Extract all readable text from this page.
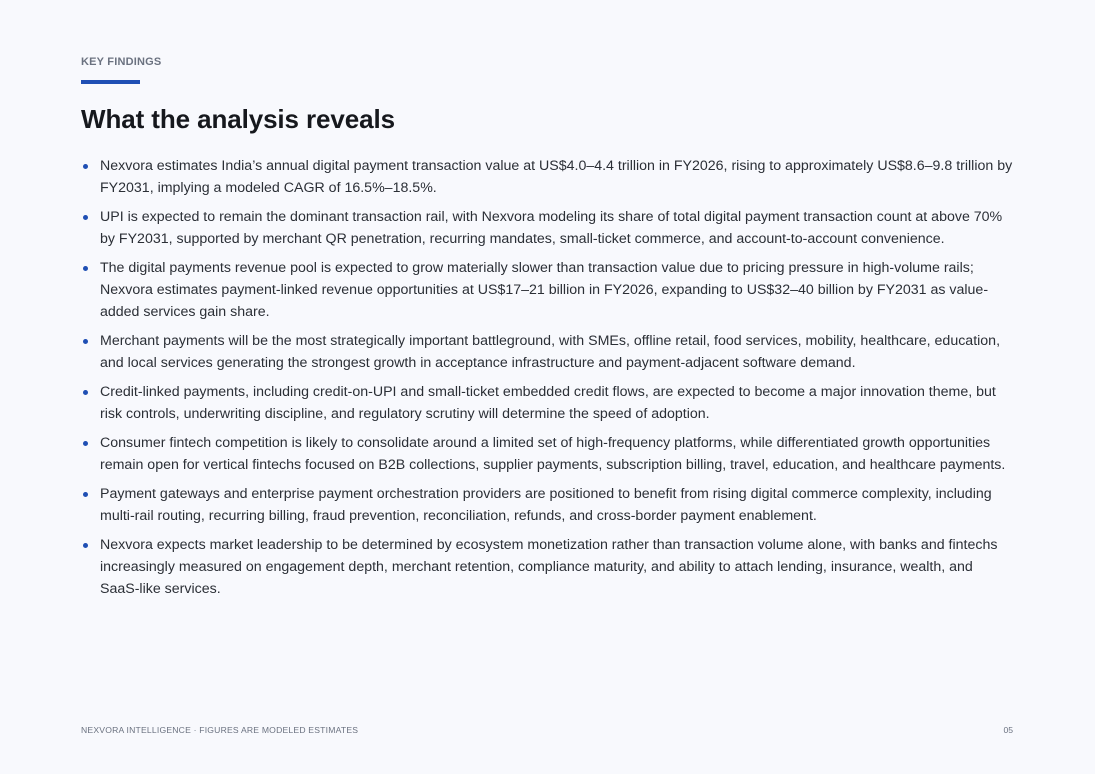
KEY FINDINGS
What the analysis reveals
Nexvora estimates India’s annual digital payment transaction value at US$4.0–4.4 trillion in FY2026, rising to approximately US$8.6–9.8 trillion by FY2031, implying a modeled CAGR of 16.5%–18.5%.
UPI is expected to remain the dominant transaction rail, with Nexvora modeling its share of total digital payment transaction count at above 70% by FY2031, supported by merchant QR penetration, recurring mandates, small-ticket commerce, and account-to-account convenience.
The digital payments revenue pool is expected to grow materially slower than transaction value due to pricing pressure in high-volume rails; Nexvora estimates payment-linked revenue opportunities at US$17–21 billion in FY2026, expanding to US$32–40 billion by FY2031 as value-added services gain share.
Merchant payments will be the most strategically important battleground, with SMEs, offline retail, food services, mobility, healthcare, education, and local services generating the strongest growth in acceptance infrastructure and payment-adjacent software demand.
Credit-linked payments, including credit-on-UPI and small-ticket embedded credit flows, are expected to become a major innovation theme, but risk controls, underwriting discipline, and regulatory scrutiny will determine the speed of adoption.
Consumer fintech competition is likely to consolidate around a limited set of high-frequency platforms, while differentiated growth opportunities remain open for vertical fintechs focused on B2B collections, supplier payments, subscription billing, travel, education, and healthcare payments.
Payment gateways and enterprise payment orchestration providers are positioned to benefit from rising digital commerce complexity, including multi-rail routing, recurring billing, fraud prevention, reconciliation, refunds, and cross-border payment enablement.
Nexvora expects market leadership to be determined by ecosystem monetization rather than transaction volume alone, with banks and fintechs increasingly measured on engagement depth, merchant retention, compliance maturity, and ability to attach lending, insurance, wealth, and SaaS-like services.
NEXVORA INTELLIGENCE · FIGURES ARE MODELED ESTIMATES	05
